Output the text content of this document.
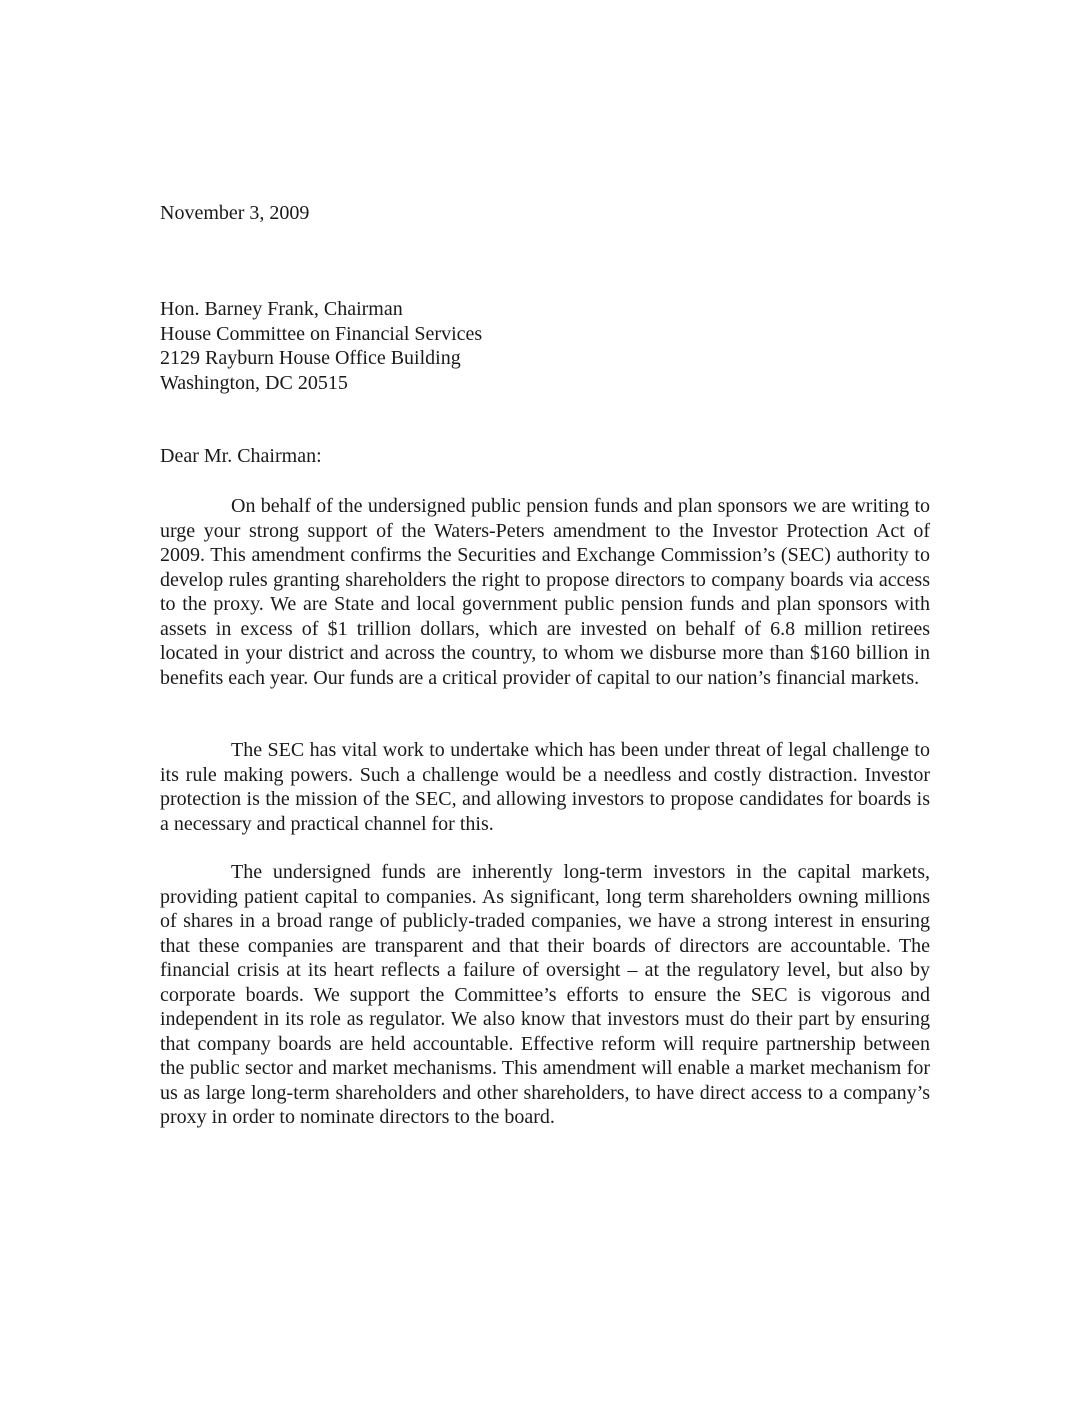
November 3, 2009

Hon. Barney Frank, Chairman
House Committee on Financial Services
2129 Rayburn House Office Building
Washington, DC 20515

Dear Mr. Chairman:

On behalf of the undersigned public pension funds and plan sponsors we are writing to urge your strong support of the Waters-Peters amendment to the Investor Protection Act of 2009. This amendment confirms the Securities and Exchange Commission’s (SEC) authority to develop rules granting shareholders the right to propose directors to company boards via access to the proxy. We are State and local government public pension funds and plan sponsors with assets in excess of $1 trillion dollars, which are invested on behalf of 6.8 million retirees located in your district and across the country, to whom we disburse more than $160 billion in benefits each year. Our funds are a critical provider of capital to our nation’s financial markets.

The SEC has vital work to undertake which has been under threat of legal challenge to its rule making powers. Such a challenge would be a needless and costly distraction. Investor protection is the mission of the SEC, and allowing investors to propose candidates for boards is a necessary and practical channel for this.

The undersigned funds are inherently long-term investors in the capital markets, providing patient capital to companies. As significant, long term shareholders owning millions of shares in a broad range of publicly-traded companies, we have a strong interest in ensuring that these companies are transparent and that their boards of directors are accountable. The financial crisis at its heart reflects a failure of oversight – at the regulatory level, but also by corporate boards. We support the Committee’s efforts to ensure the SEC is vigorous and independent in its role as regulator. We also know that investors must do their part by ensuring that company boards are held accountable. Effective reform will require partnership between the public sector and market mechanisms. This amendment will enable a market mechanism for us as large long-term shareholders and other shareholders, to have direct access to a company’s proxy in order to nominate directors to the board.
